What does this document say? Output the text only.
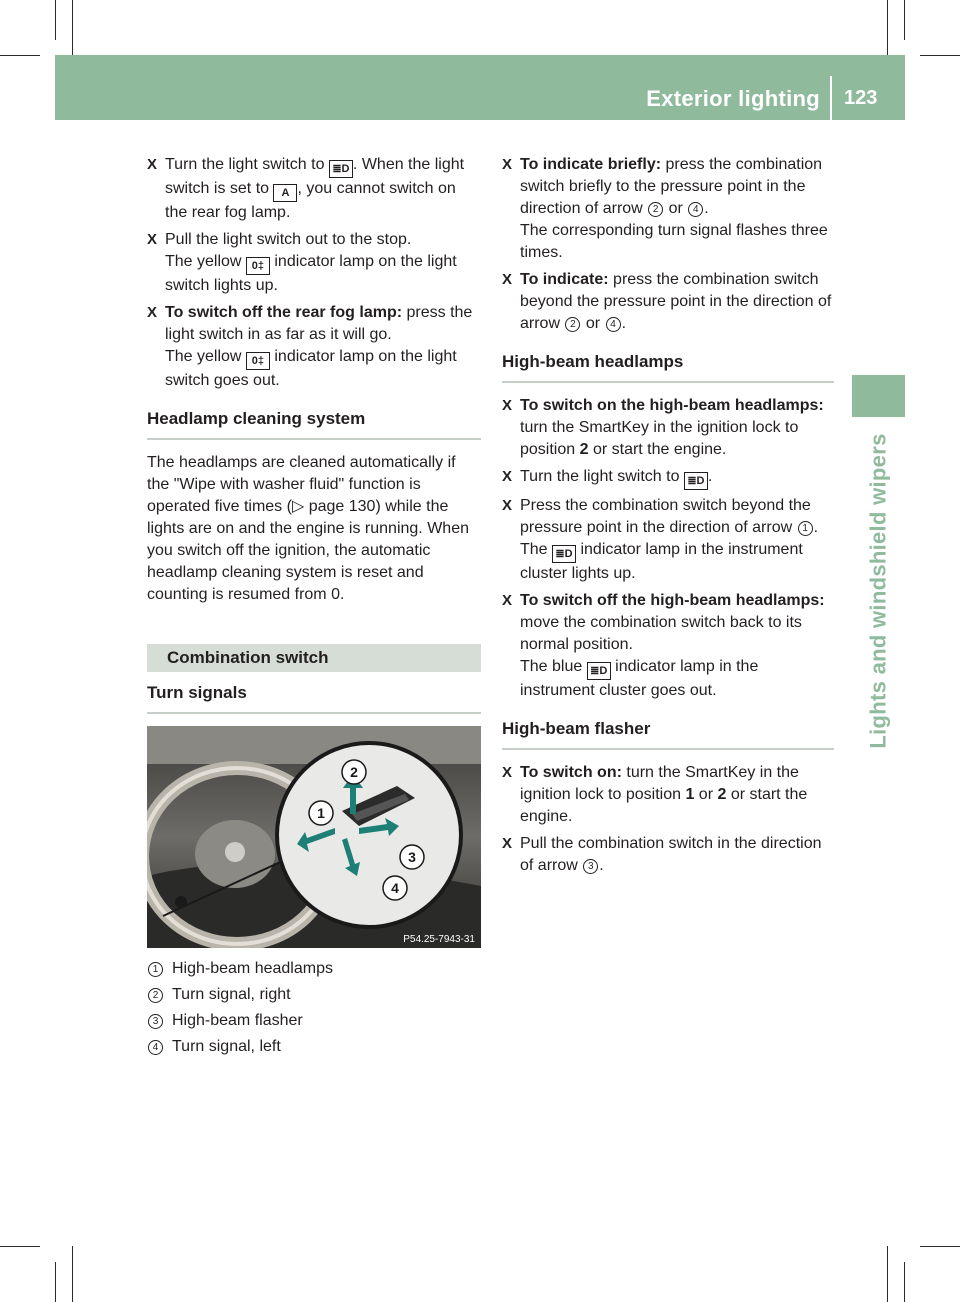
Exterior lighting 123
Lights and windshield wipers
X Turn the light switch to ≣D . When the light switch is set to A , you cannot switch on the rear fog lamp.
X Pull the light switch out to the stop.
The yellow 0‡ indicator lamp on the light switch lights up.
X To switch off the rear fog lamp: press the light switch in as far as it will go.
The yellow 0‡ indicator lamp on the light switch goes out.
Headlamp cleaning system
The headlamps are cleaned automatically if the "Wipe with washer fluid" function is operated five times (▷ page 130) while the lights are on and the engine is running. When you switch off the ignition, the automatic headlamp cleaning system is reset and counting is resumed from 0.
Combination switch
Turn signals
2
1
3
4
P54.25-7943-31
1 High-beam headlamps
2 Turn signal, right
3 High-beam flasher
4 Turn signal, left
X To indicate briefly: press the combination switch briefly to the pressure point in the direction of arrow 2 or 4 .
The corresponding turn signal flashes three times.
X To indicate: press the combination switch beyond the pressure point in the direction of arrow 2 or 4 .
High-beam headlamps
X To switch on the high-beam headlamps: turn the SmartKey in the ignition lock to position 2 or start the engine.
X Turn the light switch to ≣D .
X Press the combination switch beyond the pressure point in the direction of arrow 1 .
The ≣D indicator lamp in the instrument cluster lights up.
X To switch off the high-beam headlamps: move the combination switch back to its normal position.
The blue ≣D indicator lamp in the instrument cluster goes out.
High-beam flasher
X To switch on: turn the SmartKey in the ignition lock to position 1 or 2 or start the engine.
X Pull the combination switch in the direction of arrow 3 .
